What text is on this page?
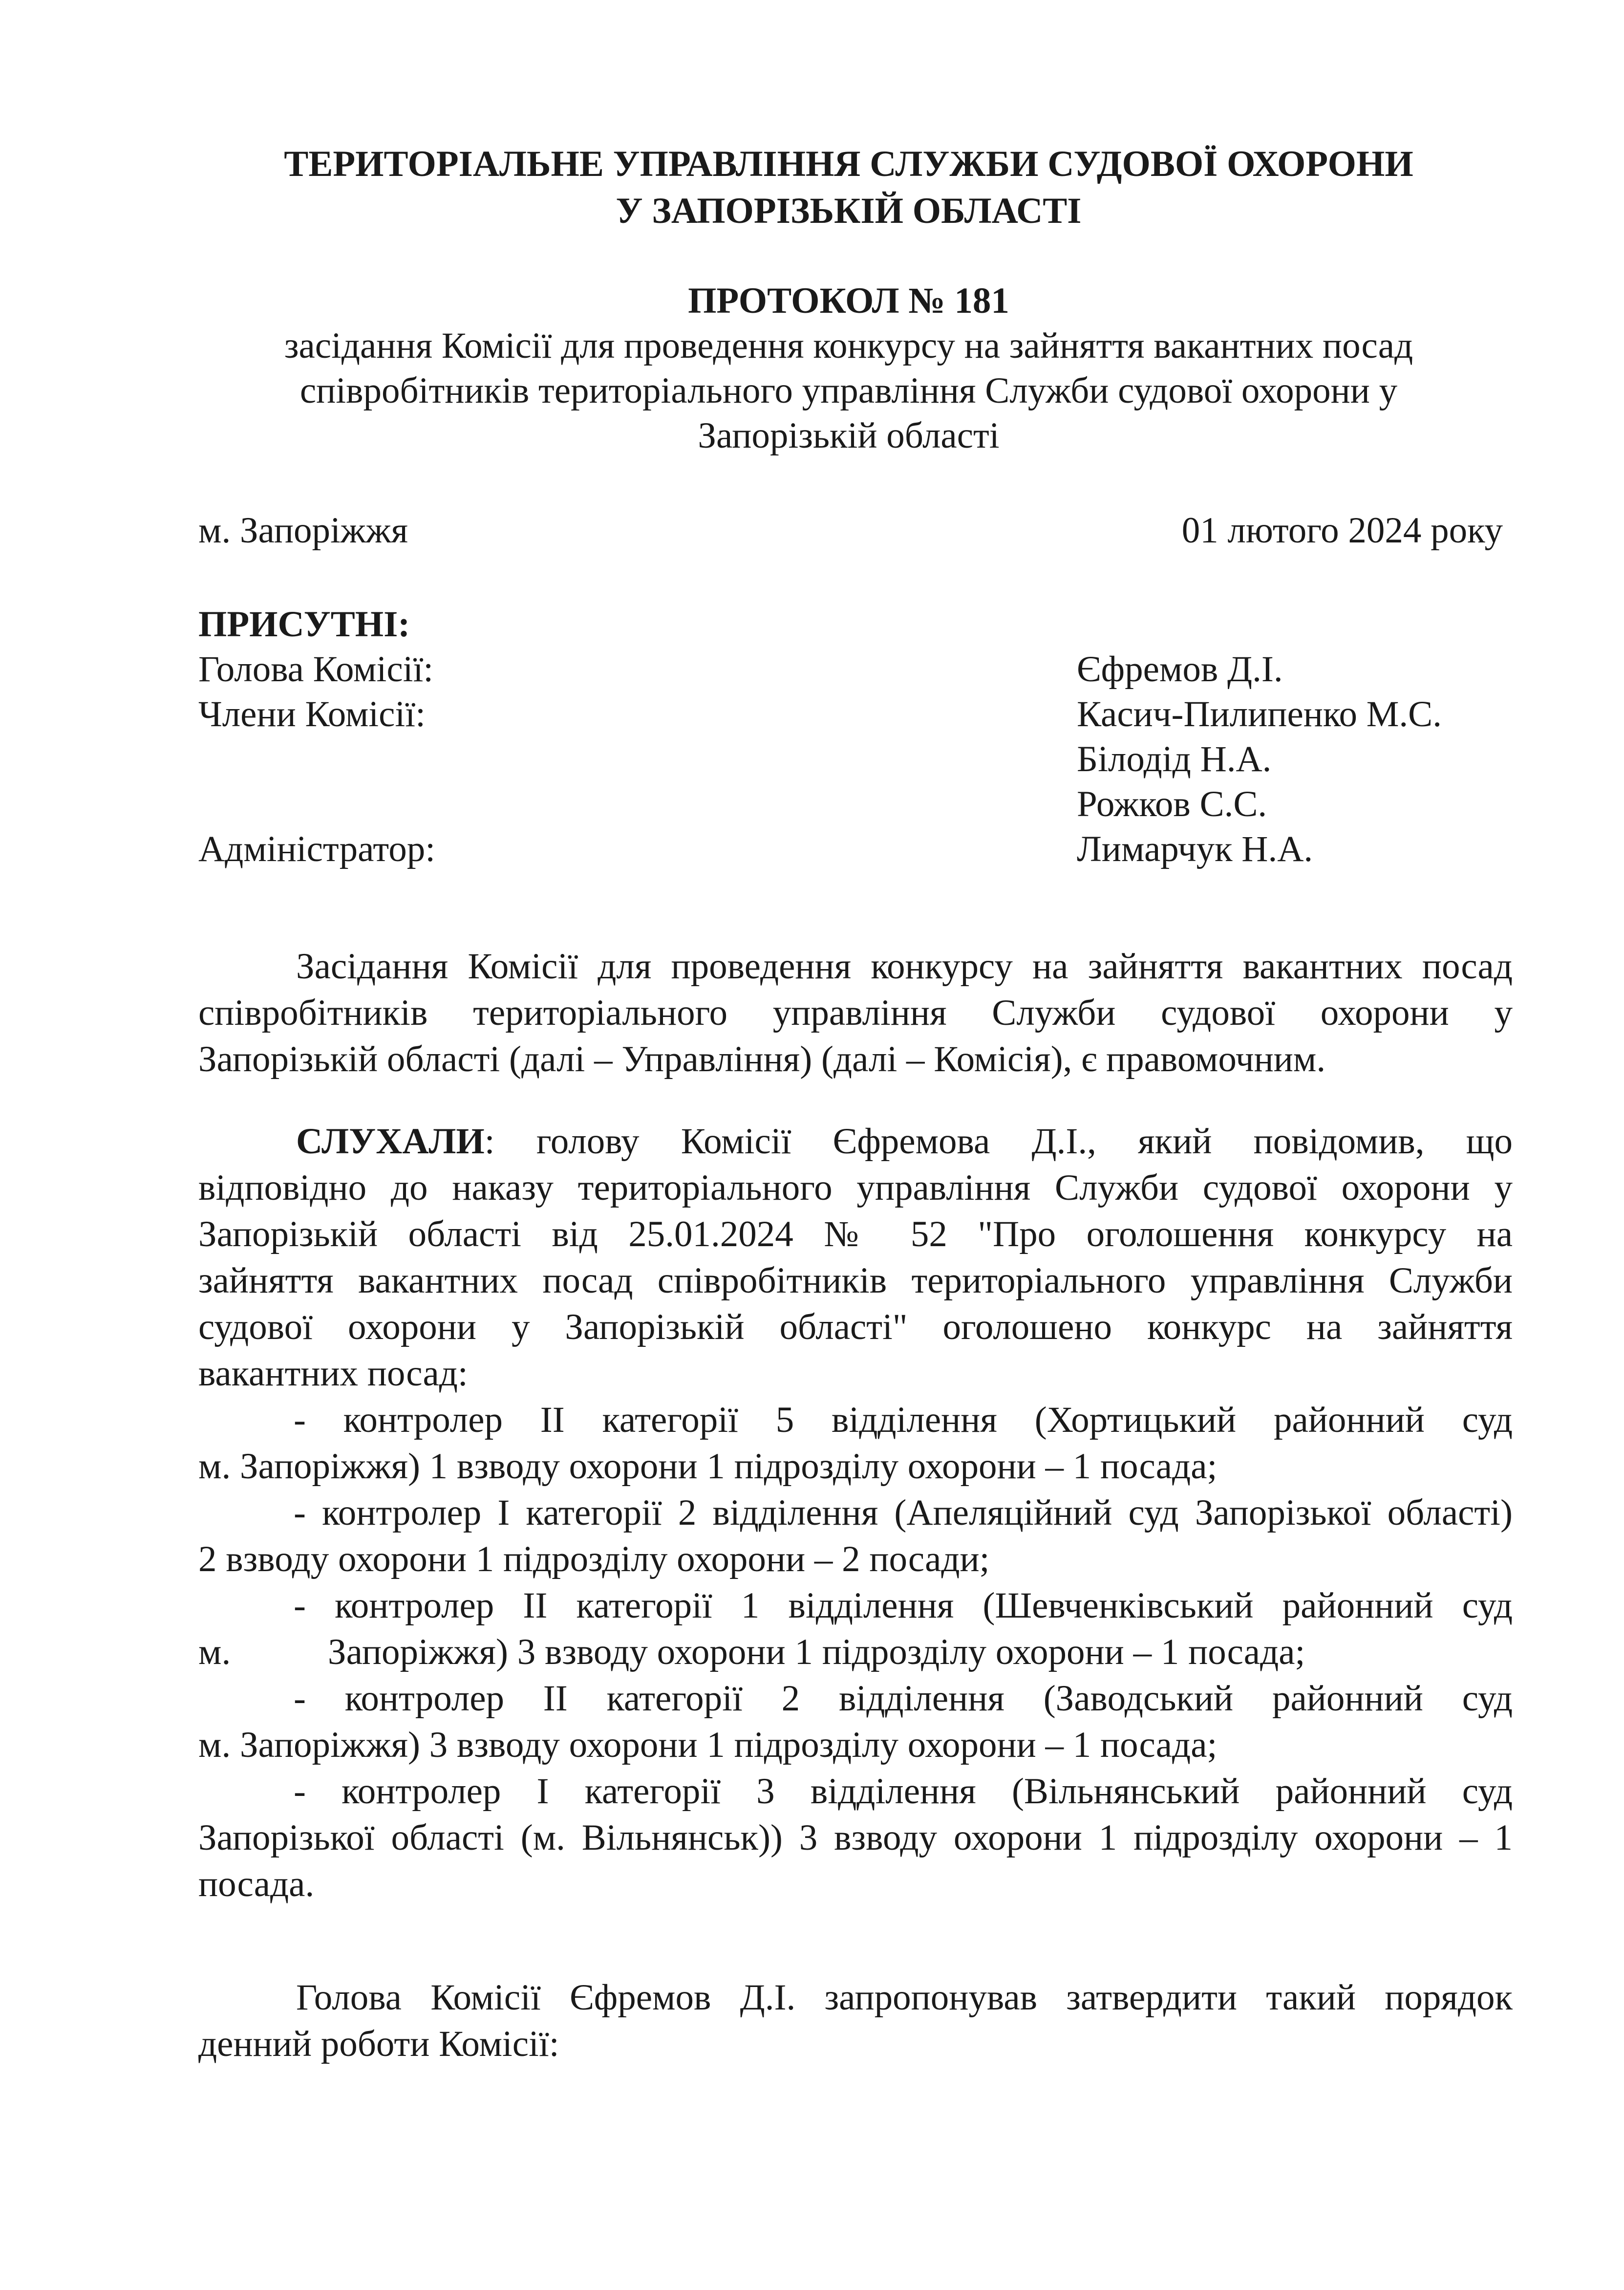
ТЕРИТОРІАЛЬНЕ УПРАВЛІННЯ СЛУЖБИ СУДОВОЇ ОХОРОНИ
У ЗАПОРІЗЬКІЙ ОБЛАСТІ
ПРОТОКОЛ № 181
засідання Комісії для проведення конкурсу на зайняття вакантних посад
співробітників територіального управління Служби судової охорони у
Запорізькій області
м. Запоріжжя	01 лютого 2024 року
ПРИСУТНІ:
Голова Комісії:	Єфремов Д.І.
Члени Комісії:	Касич-Пилипенко М.С.
Білодід Н.А.
Рожков С.С.
Адміністратор:	Лимарчук Н.А.
Засідання Комісії для проведення конкурсу на зайняття вакантних посад
співробітників територіального управління Служби судової охорони у
Запорізькій області (далі – Управління) (далі – Комісія), є правомочним.
СЛУХАЛИ: голову Комісії Єфремова Д.І., який повідомив, що
відповідно до наказу територіального управління Служби судової охорони у
Запорізькій області від 25.01.2024 № 52 "Про оголошення конкурсу на
зайняття вакантних посад співробітників територіального управління Служби
судової охорони у Запорізькій області" оголошено конкурс на зайняття
вакантних посад:
- контролер ІІ категорії 5 відділення (Хортицький районний суд
м. Запоріжжя) 1 взводу охорони 1 підрозділу охорони – 1 посада;
- контролер І категорії 2 відділення (Апеляційний суд Запорізької області)
2 взводу охорони 1 підрозділу охорони – 2 посади;
- контролер ІІ категорії 1 відділення (Шевченківський районний суд
м.	Запоріжжя) 3 взводу охорони 1 підрозділу охорони – 1 посада;
- контролер ІІ категорії 2 відділення (Заводський районний суд
м. Запоріжжя) 3 взводу охорони 1 підрозділу охорони – 1 посада;
- контролер І категорії 3 відділення (Вільнянський районний суд
Запорізької області (м. Вільнянськ)) 3 взводу охорони 1 підрозділу охорони – 1
посада.
Голова Комісії Єфремов Д.І. запропонував затвердити такий порядок
денний роботи Комісії:
